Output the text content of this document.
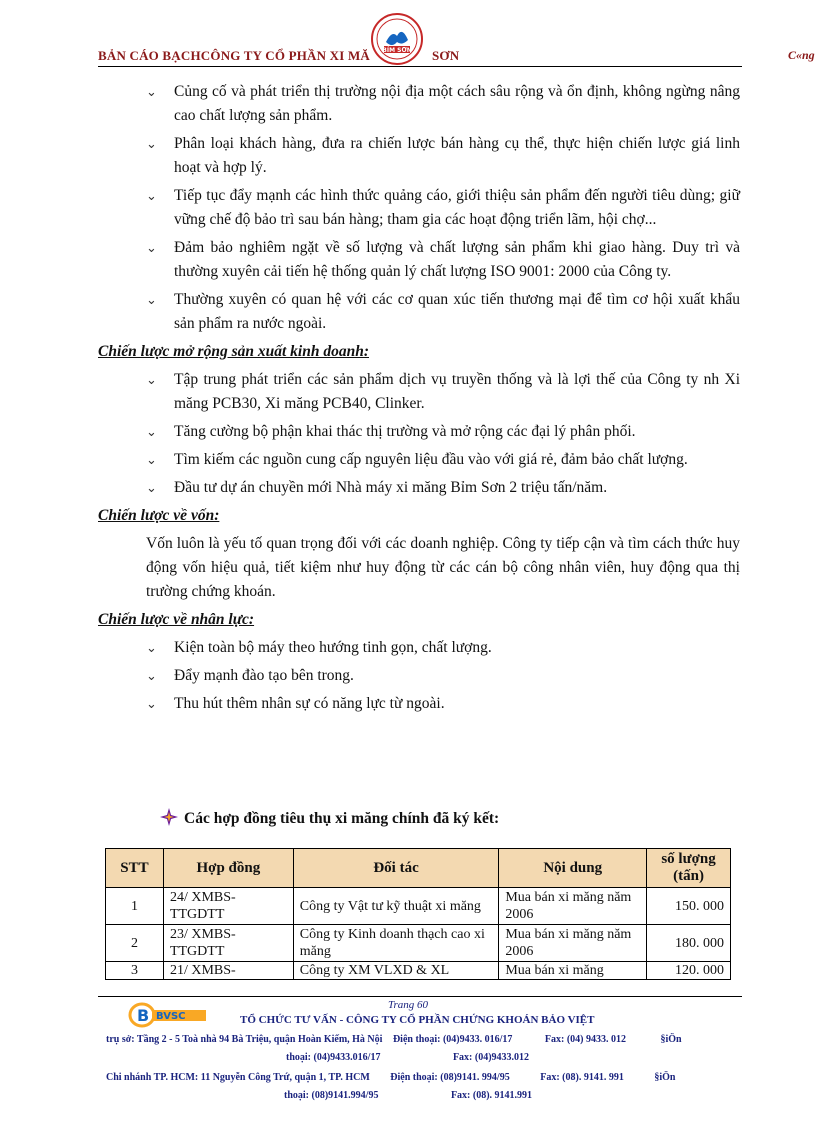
BẢN CÁO BẠCHCÔNG TY CỔ PHẦN XI MĂ	SƠN
BỈM SƠN	C«ng
⌄ Củng cố và phát triển thị trường nội địa một cách sâu rộng và ổn định, không ngừng nâng cao chất lượng sản phẩm.
⌄ Phân loại khách hàng, đưa ra chiến lược bán hàng cụ thể, thực hiện chiến lược giá linh hoạt và hợp lý.
⌄ Tiếp tục đẩy mạnh các hình thức quảng cáo, giới thiệu sản phẩm đến người tiêu dùng; giữ vững chế độ bảo trì sau bán hàng; tham gia các hoạt động triển lãm, hội chợ...
⌄ Đảm bảo nghiêm ngặt về số lượng và chất lượng sản phẩm khi giao hàng. Duy trì và thường xuyên cải tiến hệ thống quản lý chất lượng ISO 9001: 2000 của Công ty.
⌄ Thường xuyên có quan hệ với các cơ quan xúc tiến thương mại để tìm cơ hội xuất khẩu sản phẩm ra nước ngoài.
Chiến lược mở rộng sản xuất kinh doanh:
⌄ Tập trung phát triển các sản phẩm dịch vụ truyền thống và là lợi thế của Công ty nh Xi măng PCB30, Xi măng PCB40, Clinker.
⌄ Tăng cường bộ phận khai thác thị trường và mở rộng các đại lý phân phối.
⌄ Tìm kiếm các nguồn cung cấp nguyên liệu đầu vào với giá rẻ, đảm bảo chất lượng.
⌄ Đầu tư dự án chuyền mới Nhà máy xi măng Bỉm Sơn 2 triệu tấn/năm.
Chiến lược về vốn:
Vốn luôn là yếu tố quan trọng đối với các doanh nghiệp. Công ty tiếp cận và tìm cách thức huy động vốn hiệu quả, tiết kiệm như huy động từ các cán bộ công nhân viên, huy động qua thị trường chứng khoán.
Chiến lược về nhân lực:
⌄ Kiện toàn bộ máy theo hướng tinh gọn, chất lượng.
⌄ Đẩy mạnh đào tạo bên trong.
⌄ Thu hút thêm nhân sự có năng lực từ ngoài.
Các hợp đồng tiêu thụ xi măng chính đã ký kết:
STT	Hợp đồng	Đối tác	Nội dung	số lượng (tấn)
1	24/ XMBS-TTGDTT	Công ty Vật tư kỹ thuật xi măng	Mua bán xi măng năm 2006	150. 000
2	23/ XMBS-TTGDTT	Công ty Kinh doanh thạch cao xi măng	Mua bán xi măng năm 2006	180. 000
3	21/ XMBS-	Công ty XM VLXD & XL	Mua bán xi măng	120. 000
Trang 60
B BVSC	TỔ CHỨC TƯ VẤN - CÔNG TY CỔ PHẦN CHỨNG KHOÁN BẢO VIỆT
trụ sở: Tầng 2 - 5 Toà nhà 94 Bà Triệu, quận Hoàn Kiếm, Hà Nội Điện thoại: (04)9433. 016/17	Fax: (04) 9433. 012	§iÖn
thoại: (04)9433.016/17	Fax: (04)9433.012
Chi nhánh TP. HCM: 11 Nguyễn Công Trứ, quận 1, TP. HCM Điện thoại: (08)9141. 994/95	Fax: (08). 9141. 991	§iÖn
thoại: (08)9141.994/95	Fax: (08). 9141.991
